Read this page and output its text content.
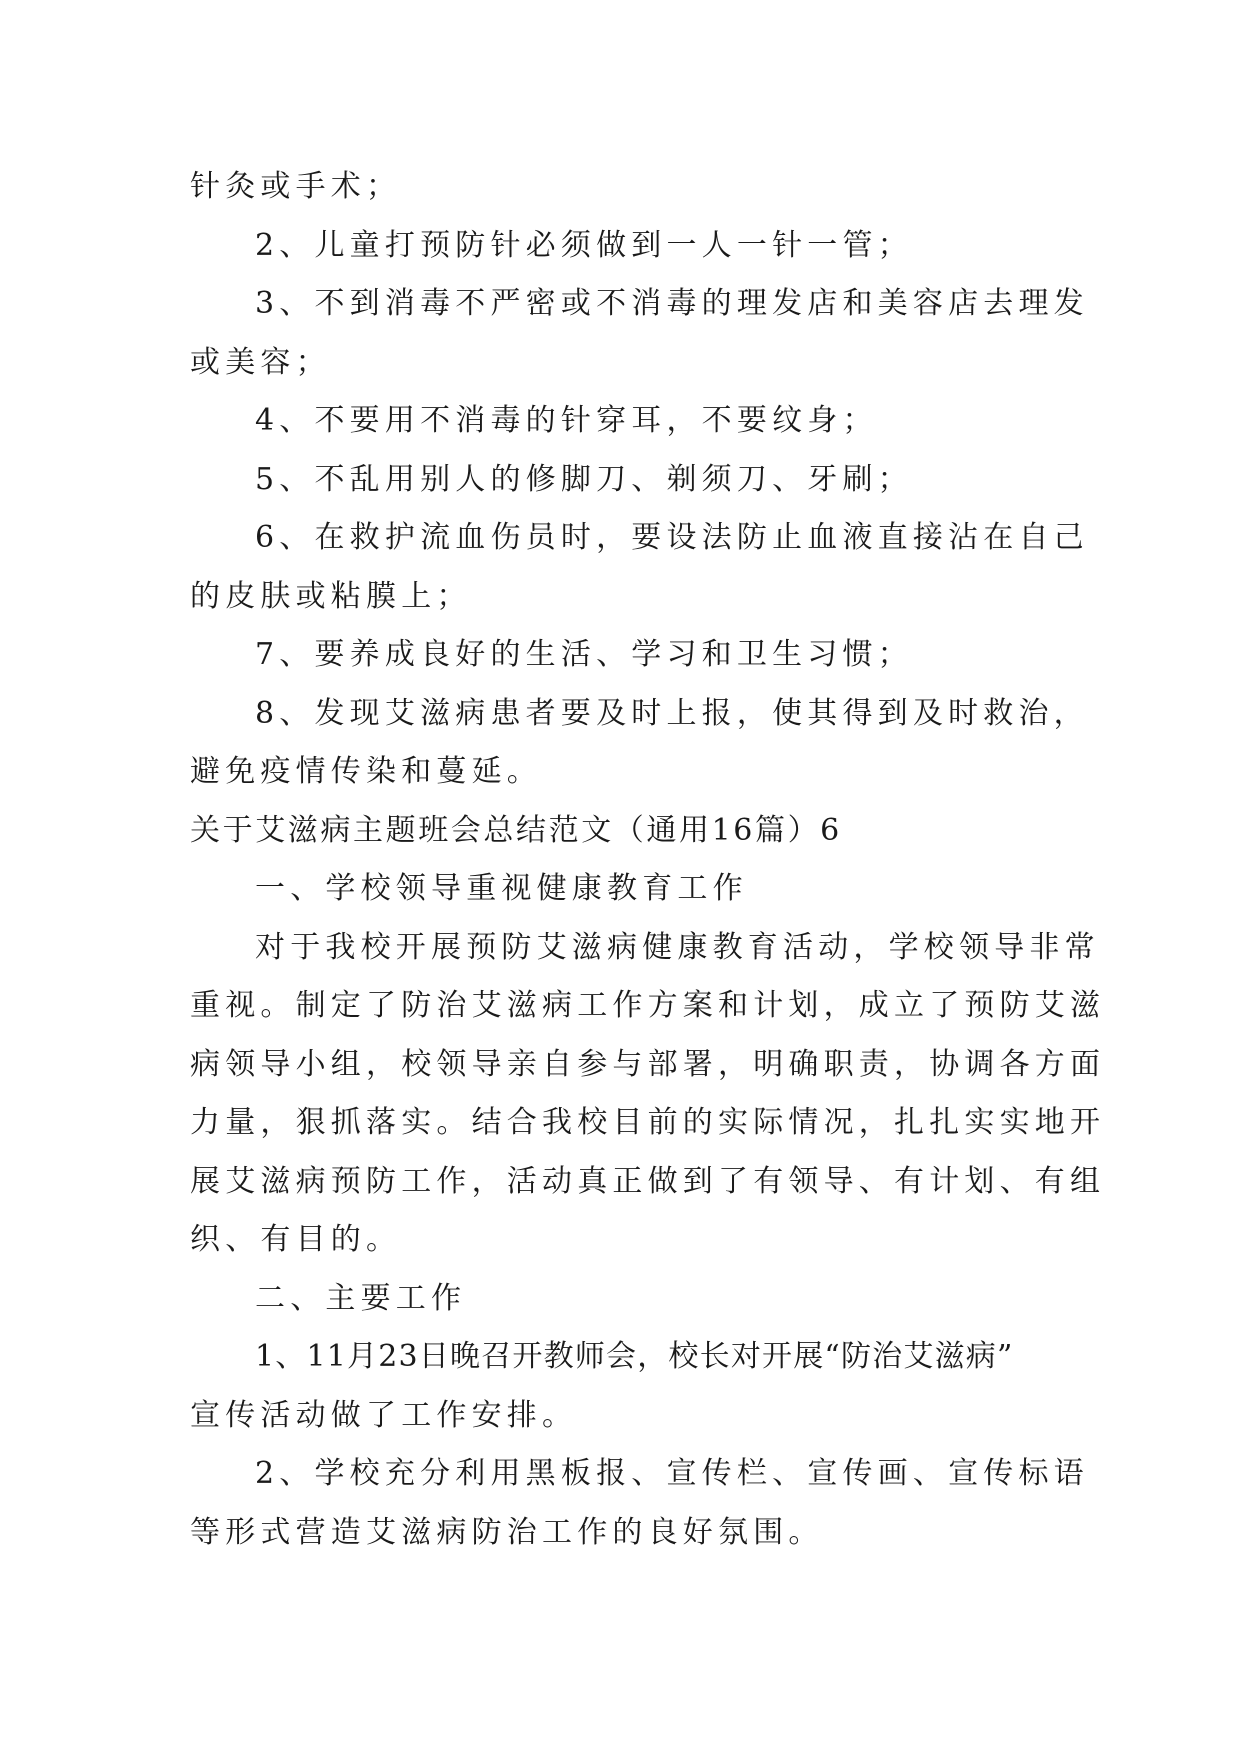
针灸或手术；

2、儿童打预防针必须做到一人一针一管；

3、不到消毒不严密或不消毒的理发店和美容店去理发

或美容；

4、不要用不消毒的针穿耳，不要纹身；

5、不乱用别人的修脚刀、剃须刀、牙刷；

6、在救护流血伤员时，要设法防止血液直接沾在自己

的皮肤或粘膜上；

7、要养成良好的生活、学习和卫生习惯；

8、发现艾滋病患者要及时上报，使其得到及时救治，

避免疫情传染和蔓延。

关于艾滋病主题班会总结范文（通用16篇）6

一、学校领导重视健康教育工作

对于我校开展预防艾滋病健康教育活动，学校领导非常

重视。制定了防治艾滋病工作方案和计划，成立了预防艾滋

病领导小组，校领导亲自参与部署，明确职责，协调各方面

力量，狠抓落实。结合我校目前的实际情况，扎扎实实地开

展艾滋病预防工作，活动真正做到了有领导、有计划、有组

织、有目的。

二、主要工作

1、11月23日晚召开教师会，校长对开展“防治艾滋病”

宣传活动做了工作安排。

2、学校充分利用黑板报、宣传栏、宣传画、宣传标语

等形式营造艾滋病防治工作的良好氛围。
